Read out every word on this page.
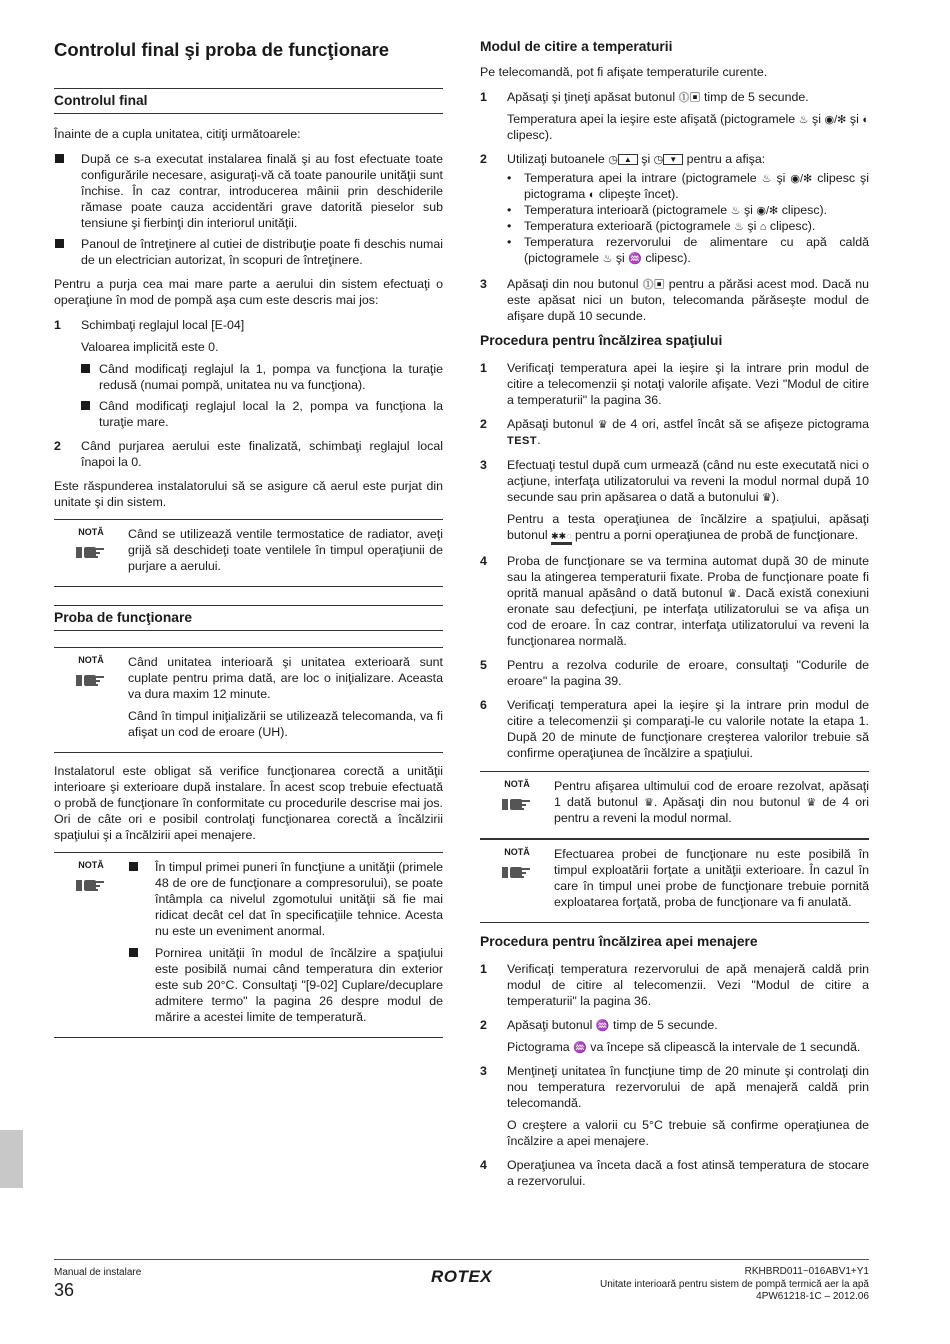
Controlul final şi proba de funcţionare
Controlul final

Înainte de a cupla unitatea, citiţi următoarele:

După ce s-a executat instalarea finală şi au fost efectuate toate configurările necesare, asiguraţi-vă că toate panourile unităţii sunt închise. În caz contrar, introducerea mâinii prin deschiderile rămase poate cauza accidentări grave datorită pieselor sub tensiune şi fierbinţi din interiorul unităţii.
Panoul de întreţinere al cutiei de distribuţie poate fi deschis numai de un electrician autorizat, în scopuri de întreţinere.

Pentru a purja cea mai mare parte a aerului din sistem efectuaţi o operaţiune în mod de pompă aşa cum este descris mai jos:

1 Schimbaţi reglajul local [E-04]

Valoarea implicită este 0.

Când modificaţi reglajul la 1, pompa va funcţiona la turaţie redusă (numai pompă, unitatea nu va funcţiona).
Când modificaţi reglajul local la 2, pompa va funcţiona la turaţie mare.
2 Când purjarea aerului este finalizată, schimbaţi reglajul local înapoi la 0.

Este răspunderea instalatorului să se asigure că aerul este purjat din unitate şi din sistem.

NOTĂ	Când se utilizează ventile termostatice de radiator, aveţi grijă să deschideţi toate ventilele în timpul operaţiunii de purjare a aerului.

Proba de funcţionare
NOTĂ	Când unitatea interioară şi unitatea exterioară sunt cuplate pentru prima dată, are loc o iniţializare. Aceasta va dura maxim 12 minute.

Când în timpul iniţializării se utilizează telecomanda, va fi afişat un cod de eroare (UH).

Instalatorul este obligat să verifice funcţionarea corectă a unităţii interioare şi exterioare după instalare. În acest scop trebuie efectuată o probă de funcţionare în conformitate cu procedurile descrise mai jos. Ori de câte ori e posibil controlaţi funcţionarea corectă a încălzirii spaţiului şi a încălzirii apei menajere.

NOTĂ	În timpul primei puneri în funcţiune a unităţii (primele 48 de ore de funcţionare a compresorului), se poate întâmpla ca nivelul zgomotului unităţii să fie mai ridicat decât cel dat în specificaţiile tehnice. Acesta nu este un eveniment anormal.
Pornirea unităţii în modul de încălzire a spaţiului este posibilă numai când temperatura din exterior este sub 20°C. Consultaţi "[9-02] Cuplare/decuplare admitere termo" la pagina 26 despre modul de mărire a acestei limite de temperatură.
Modul de citire a temperaturii

Pe telecomandă, pot fi afişate temperaturile curente.

1 Apăsaţi şi ţineţi apăsat butonul ⓵▣ timp de 5 secunde.

Temperatura apei la ieşire este afişată (pictogramele ♨ şi ◉/✻ şi ◐ clipesc).

2 Utilizaţi butoanele ◷ ▲ şi ◷ ▼ pentru a afişa:

• Temperatura apei la intrare (pictogramele ♨ şi ◉/✻ clipesc şi pictograma ◐ clipeşte încet).
• Temperatura interioară (pictogramele ♨ şi ◉/✻ clipesc).
• Temperatura exterioară (pictogramele ♨ şi ⌂ clipesc).
• Temperatura rezervorului de alimentare cu apă caldă (pictogramele ♨ şi ♒ clipesc).
3 Apăsaţi din nou butonul ⓵▣ pentru a părăsi acest mod. Dacă nu este apăsat nici un buton, telecomanda părăseşte modul de afişare după 10 secunde.

Procedura pentru încălzirea spaţiului
1 Verificaţi temperatura apei la ieşire şi la intrare prin modul de citire a telecomenzii şi notaţi valorile afişate. Vezi "Modul de citire a temperaturii" la pagina 36.

2 Apăsaţi butonul ♛ de 4 ori, astfel încât să se afişeze pictograma TEST.

3 Efectuaţi testul după cum urmează (când nu este executată nici o acţiune, interfaţa utilizatorului va reveni la modul normal după 10 secunde sau prin apăsarea o dată a butonului ♛).

Pentru a testa operaţiunea de încălzire a spaţiului, apăsaţi butonul ✱✱◌ pentru a porni operaţiunea de probă de funcţionare.

4 Proba de funcţionare se va termina automat după 30 de minute sau la atingerea temperaturii fixate. Proba de funcţionare poate fi oprită manual apăsând o dată butonul ♛. Dacă există conexiuni eronate sau defecţiuni, pe interfaţa utilizatorului se va afişa un cod de eroare. În caz contrar, interfaţa utilizatorului va reveni la funcţionarea normală.

5 Pentru a rezolva codurile de eroare, consultaţi "Codurile de eroare" la pagina 39.

6 Verificaţi temperatura apei la ieşire şi la intrare prin modul de citire a telecomenzii şi comparaţi-le cu valorile notate la etapa 1. După 20 de minute de funcţionare creşterea valorilor trebuie să confirme operaţiunea de încălzire a spaţiului.

NOTĂ	Pentru afişarea ultimului cod de eroare rezolvat, apăsaţi 1 dată butonul ♛. Apăsaţi din nou butonul ♛ de 4 ori pentru a reveni la modul normal.

NOTĂ	Efectuarea probei de funcţionare nu este posibilă în timpul exploatării forţate a unităţii exterioare. În cazul în care în timpul unei probe de funcţionare trebuie pornită exploatarea forţată, proba de funcţionare va fi anulată.

Procedura pentru încălzirea apei menajere
1 Verificaţi temperatura rezervorului de apă menajeră caldă prin modul de citire al telecomenzii. Vezi "Modul de citire a temperaturii" la pagina 36.

2 Apăsaţi butonul ♒ timp de 5 secunde.

Pictograma ♒ va începe să clipească la intervale de 1 secundă.

3 Menţineţi unitatea în funcţiune timp de 20 minute şi controlaţi din nou temperatura rezervorului de apă menajeră caldă prin telecomandă.

O creştere a valorii cu 5°C trebuie să confirme operaţiunea de încălzire a apei menajere.

4 Operaţiunea va înceta dacă a fost atinsă temperatura de stocare a rezervorului.

Manual de instalare
36
ROTEX	RKHBRD011~016ABV1+Y1
Unitate interioară pentru sistem de pompă termică aer la apă
4PW61218-1C – 2012.06
